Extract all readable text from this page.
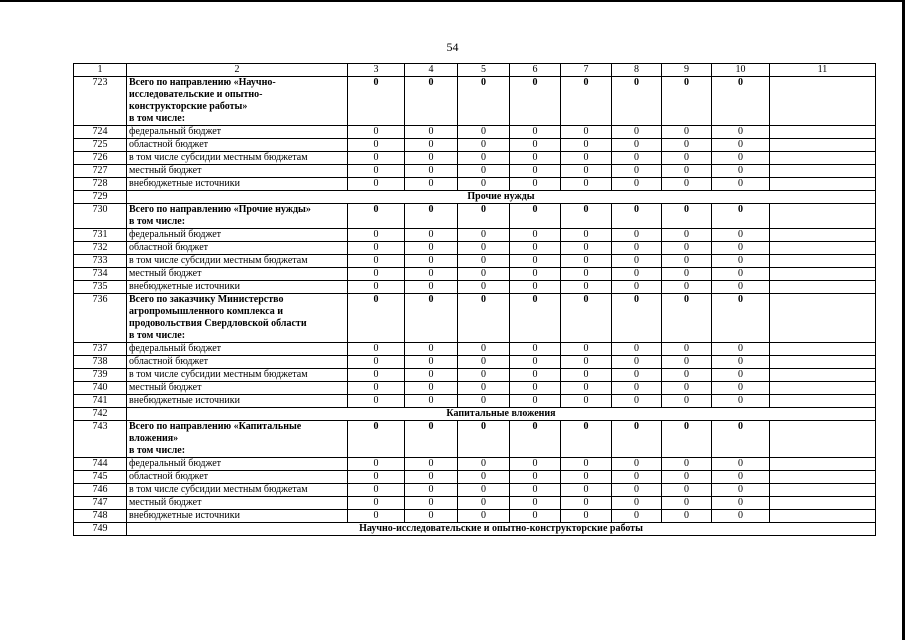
54
1	2	3	4	5	6	7	8	9	10	11
723	Всего по направлению «Научно-
исследовательские и опытно-
конструкторские работы»
в том числе:	0	0	0	0	0	0	0	0	
724	федеральный бюджет	0	0	0	0	0	0	0	0	
725	областной бюджет	0	0	0	0	0	0	0	0	
726	в том числе субсидии местным бюджетам	0	0	0	0	0	0	0	0	
727	местный бюджет	0	0	0	0	0	0	0	0	
728	внебюджетные источники	0	0	0	0	0	0	0	0	
729	Прочие нужды									
730	Всего по направлению «Прочие нужды»
в том числе:	0	0	0	0	0	0	0	0	
731	федеральный бюджет	0	0	0	0	0	0	0	0	
732	областной бюджет	0	0	0	0	0	0	0	0	
733	в том числе субсидии местным бюджетам	0	0	0	0	0	0	0	0	
734	местный бюджет	0	0	0	0	0	0	0	0	
735	внебюджетные источники	0	0	0	0	0	0	0	0	
736	Всего по заказчику Министерство
агропромышленного комплекса и
продовольствия Свердловской области
в том числе:	0	0	0	0	0	0	0	0	
737	федеральный бюджет	0	0	0	0	0	0	0	0	
738	областной бюджет	0	0	0	0	0	0	0	0	
739	в том числе субсидии местным бюджетам	0	0	0	0	0	0	0	0	
740	местный бюджет	0	0	0	0	0	0	0	0	
741	внебюджетные источники	0	0	0	0	0	0	0	0	
742	Капитальные вложения									
743	Всего по направлению «Капитальные
вложения»
в том числе:	0	0	0	0	0	0	0	0	
744	федеральный бюджет	0	0	0	0	0	0	0	0	
745	областной бюджет	0	0	0	0	0	0	0	0	
746	в том числе субсидии местным бюджетам	0	0	0	0	0	0	0	0	
747	местный бюджет	0	0	0	0	0	0	0	0	
748	внебюджетные источники	0	0	0	0	0	0	0	0	
749	Научно-исследовательские и опытно-конструкторские работы									
